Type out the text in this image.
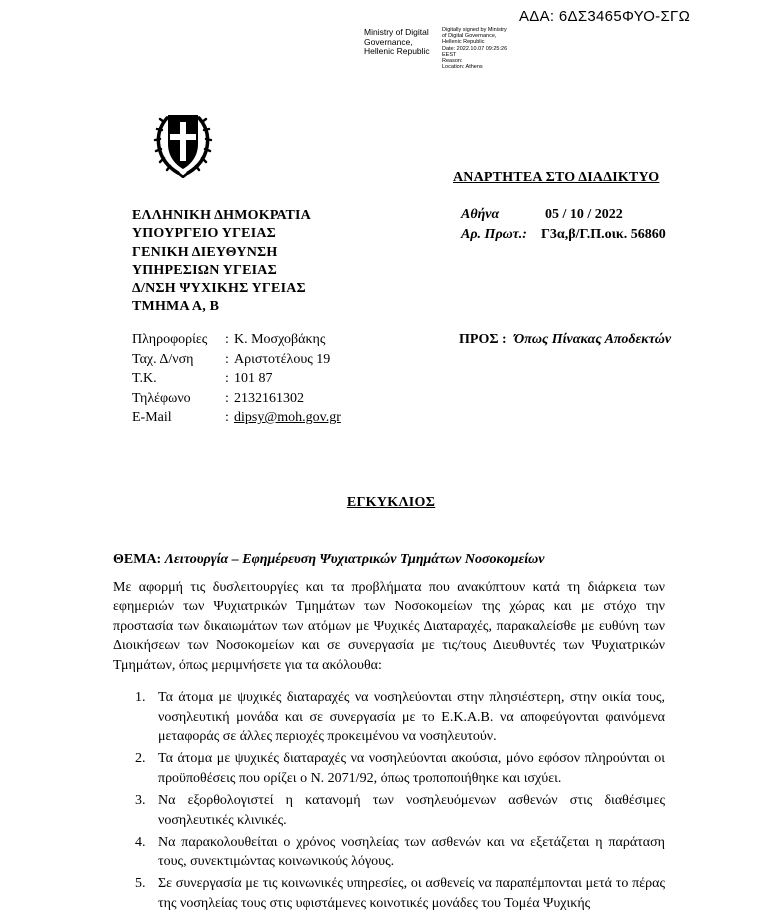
ΑΔΑ: 6ΔΣ3465ΦΥΟ-ΣΓΩ
Ministry of Digital
Governance,
Hellenic Republic
Digitally signed by Ministry
of Digital Governance,
Hellenic Republic
Date: 2022.10.07 09:25:26
EEST
Reason:
Location: Athens
ΑΝΑΡΤΗΤΕΑ ΣΤΟ ΔΙΑΔΙΚΤΥΟ
ΕΛΛΗΝΙΚΗ ΔΗΜΟΚΡΑΤΙΑ
ΥΠΟΥΡΓΕΙΟ ΥΓΕΙΑΣ
ΓΕΝΙΚΗ ΔΙΕΥΘΥΝΣΗ
ΥΠΗΡΕΣΙΩΝ ΥΓΕΙΑΣ
Δ/ΝΣΗ ΨΥΧΙΚΗΣ ΥΓΕΙΑΣ
ΤΜΗΜΑ Α, Β
Αθήνα	05 / 10 / 2022
Αρ. Πρωτ.: Γ3α,β/Γ.Π.οικ. 56860
Πληροφορίες : Κ. Μοσχοβάκης
Ταχ. Δ/νση : Αριστοτέλους 19
Τ.Κ.	: 101 87
Τηλέφωνο : 2132161302
E-Mail	: dipsy@moh.gov.gr
ΠΡΟΣ : Όπως Πίνακας Αποδεκτών
ΕΓΚΥΚΛΙΟΣ
ΘΕΜΑ: Λειτουργία – Εφημέρευση Ψυχιατρικών Τμημάτων Νοσοκομείων
Με αφορμή τις δυσλειτουργίες και τα προβλήματα που ανακύπτουν κατά τη διάρκεια των εφημεριών των Ψυχιατρικών Τμημάτων των Νοσοκομείων της χώρας και με στόχο την προστασία των δικαιωμάτων των ατόμων με Ψυχικές Διαταραχές, παρακαλείσθε με ευθύνη των Διοικήσεων των Νοσοκομείων και σε συνεργασία με τις/τους Διευθυντές των Ψυχιατρικών Τμημάτων, όπως μεριμνήσετε για τα ακόλουθα:
1. Τα άτομα με ψυχικές διαταραχές να νοσηλεύονται στην πλησιέστερη, στην οικία τους, νοσηλευτική μονάδα και σε συνεργασία με το Ε.Κ.Α.Β. να αποφεύγονται φαινόμενα μεταφοράς σε άλλες περιοχές προκειμένου να νοσηλευτούν.
2. Τα άτομα με ψυχικές διαταραχές να νοσηλεύονται ακούσια, μόνο εφόσον πληρούνται οι προϋποθέσεις που ορίζει ο Ν. 2071/92, όπως τροποποιήθηκε και ισχύει.
3. Να εξορθολογιστεί η κατανομή των νοσηλευόμενων ασθενών στις διαθέσιμες νοσηλευτικές κλινικές.
4. Να παρακολουθείται ο χρόνος νοσηλείας των ασθενών και να εξετάζεται η παράταση τους, συνεκτιμώντας κοινωνικούς λόγους.
5. Σε συνεργασία με τις κοινωνικές υπηρεσίες, οι ασθενείς να παραπέμπονται μετά το πέρας της νοσηλείας τους στις υφιστάμενες κοινοτικές μονάδες του Τομέα Ψυχικής
